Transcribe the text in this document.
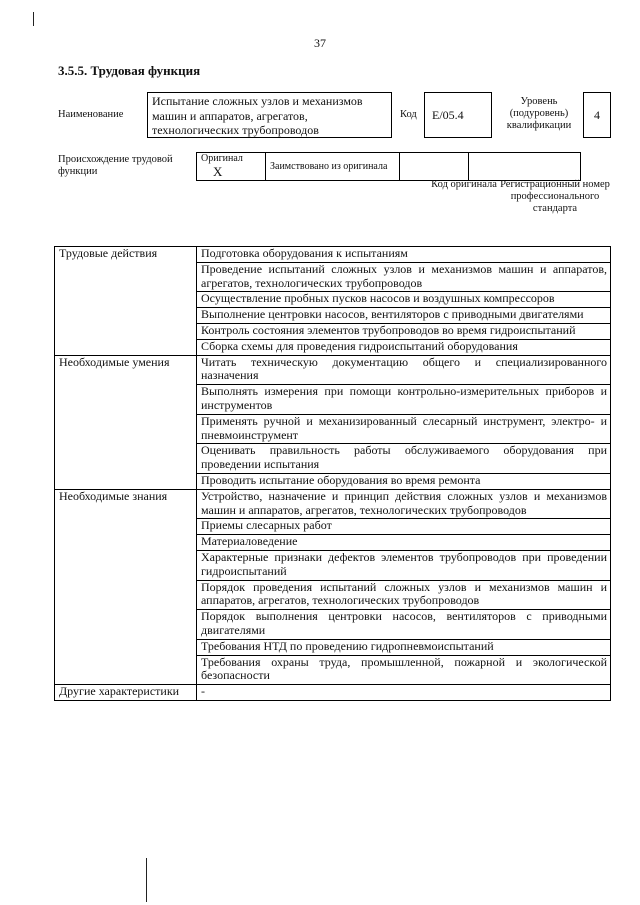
37
3.5.5. Трудовая функция
Наименование
Испытание сложных узлов и механизмов машин и аппаратов, агрегатов, технологических трубопроводов
Код	E/05.4
Уровень (подуровень) квалификации
4
Происхождение трудовой функции
Оригинал X	Заимствовано из оригинала		
Код оригинала Регистрационный номер профессионального стандарта
Трудовые действия	Подготовка оборудования к испытаниям
	Проведение испытаний сложных узлов и механизмов машин и аппаратов, агрегатов, технологических трубопроводов
	Осуществление пробных пусков насосов и воздушных компрессоров
	Выполнение центровки насосов, вентиляторов с приводными двигателями
	Контроль состояния элементов трубопроводов во время гидроиспытаний
	Сборка схемы для проведения гидроиспытаний оборудования
Необходимые умения	Читать техническую документацию общего и специализированного назначения
	Выполнять измерения при помощи контрольно-измерительных приборов и инструментов
	Применять ручной и механизированный слесарный инструмент, электро- и пневмоинструмент
	Оценивать правильность работы обслуживаемого оборудования при проведении испытания
	Проводить испытание оборудования во время ремонта
Необходимые знания	Устройство, назначение и принцип действия сложных узлов и механизмов машин и аппаратов, агрегатов, технологических трубопроводов
	Приемы слесарных работ
	Материаловедение
	Характерные признаки дефектов элементов трубопроводов при проведении гидроиспытаний
	Порядок проведения испытаний сложных узлов и механизмов машин и аппаратов, агрегатов, технологических трубопроводов
	Порядок выполнения центровки насосов, вентиляторов с приводными двигателями
	Требования НТД по проведению гидропневмоиспытаний
	Требования охраны труда, промышленной, пожарной и экологической безопасности
Другие характеристики	-
